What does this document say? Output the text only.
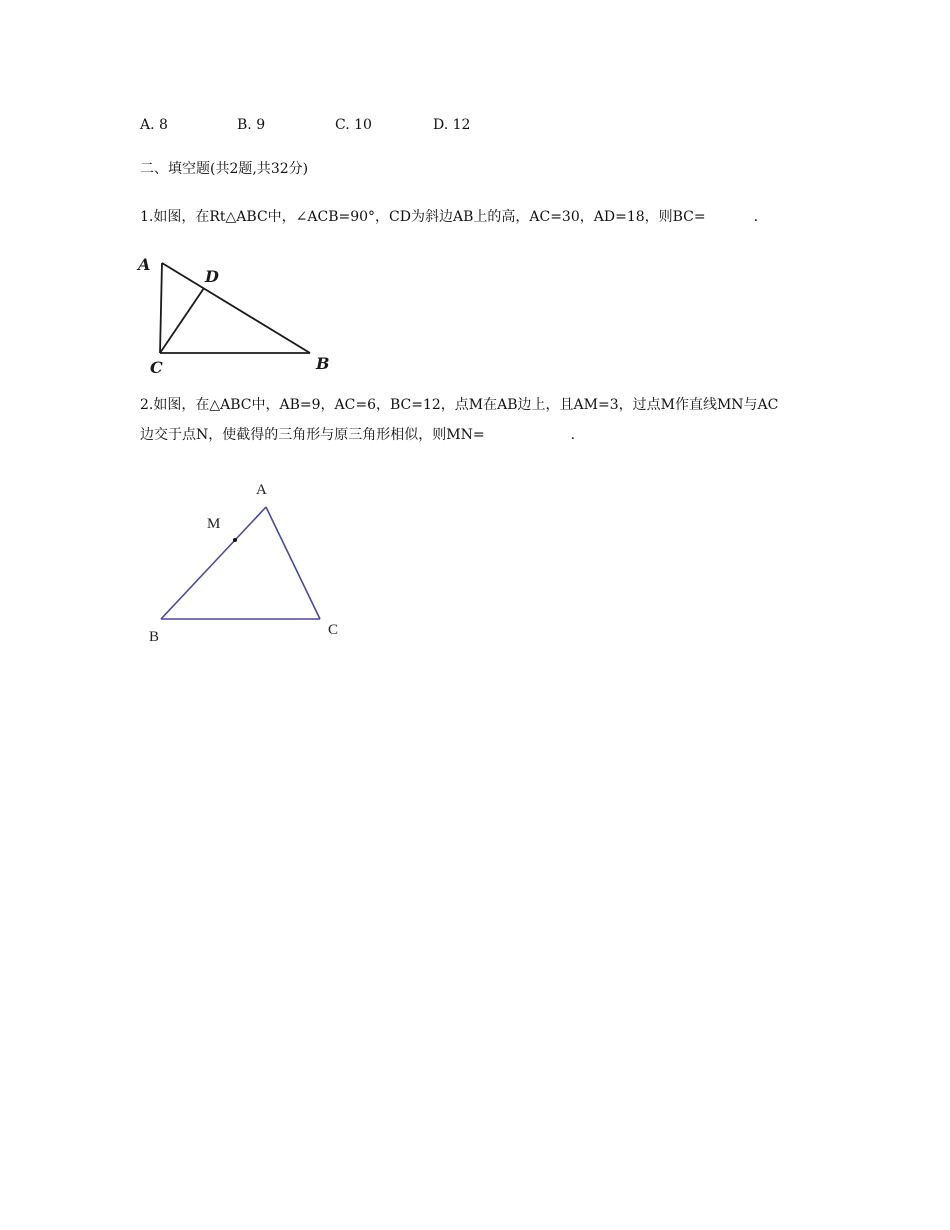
A. 8	B. 9	C. 10	D. 12
二、填空题(共2题,共32分)
1.如图，在Rt△ABC中，∠ACB=90°，CD为斜边AB上的高，AC=30，AD=18，则BC=	.
A
D
C	B
2.如图，在△ABC中，AB=9，AC=6，BC=12，点M在AB边上，且AM=3，过点M作直线MN与AC
边交于点N，使截得的三角形与原三角形相似，则MN=	.
A
M
B	C
